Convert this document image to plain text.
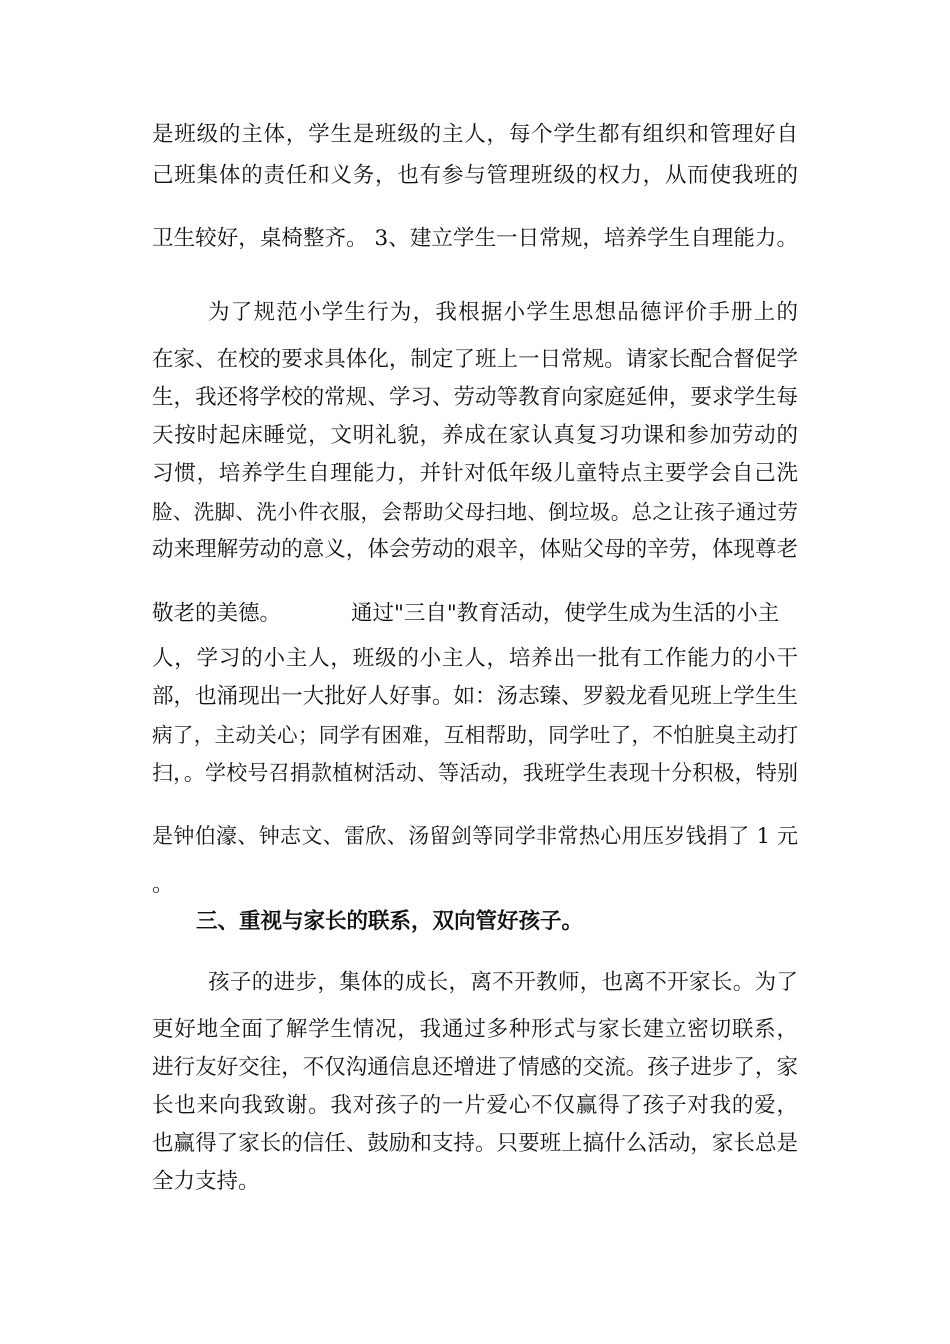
是班级的主体，学生是班级的主人，每个学生都有组织和管理好自
己班集体的责任和义务，也有参与管理班级的权力，从而使我班的
卫生较好，桌椅整齐。 3、建立学生一日常规，培养学生自理能力。
为了规范小学生行为，我根据小学生思想品德评价手册上的
在家、在校的要求具体化，制定了班上一日常规。请家长配合督促学
生，我还将学校的常规、学习、劳动等教育向家庭延伸，要求学生每
天按时起床睡觉，文明礼貌，养成在家认真复习功课和参加劳动的
习惯，培养学生自理能力，并针对低年级儿童特点主要学会自己洗
脸、洗脚、洗小件衣服，会帮助父母扫地、倒垃圾。总之让孩子通过劳
动来理解劳动的意义，体会劳动的艰辛，体贴父母的辛劳，体现尊老
敬老的美德。	通过"三自"教育活动，使学生成为生活的小主
人，学习的小主人，班级的小主人，培养出一批有工作能力的小干
部，也涌现出一大批好人好事。如：汤志臻、罗毅龙看见班上学生生
病了，主动关心；同学有困难，互相帮助，同学吐了，不怕脏臭主动打
扫，。学校号召捐款植树活动、等活动，我班学生表现十分积极，特别
是钟伯濠、钟志文、雷欣、汤留剑等同学非常热心用压岁钱捐了 1 元
。
三、重视与家长的联系，双向管好孩子。
孩子的进步，集体的成长，离不开教师，也离不开家长。为了
更好地全面了解学生情况，我通过多种形式与家长建立密切联系，
进行友好交往，不仅沟通信息还增进了情感的交流。孩子进步了，家
长也来向我致谢。我对孩子的一片爱心不仅赢得了孩子对我的爱，
也赢得了家长的信任、鼓励和支持。只要班上搞什么活动，家长总是
全力支持。
